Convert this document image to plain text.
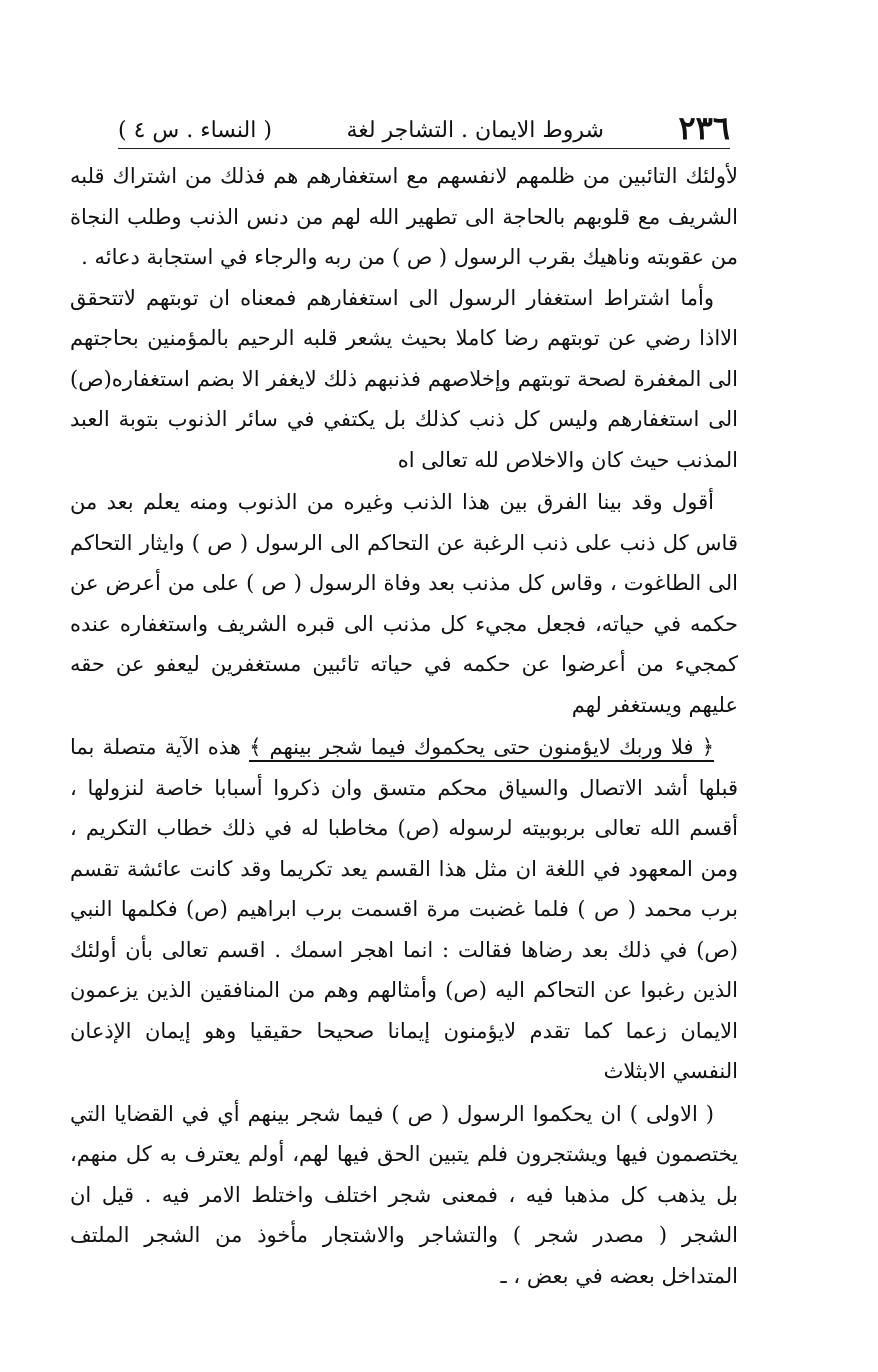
٢٣٦
شروط الايمان . التشاجر لغة
( النساء . س ٤ )

لأولئك التائبين من ظلمهم لانفسهم مع استغفارهم هم فذلك من اشتراك قلبه الشريف مع قلوبهم بالحاجة الى تطهير الله لهم من دنس الذنب وطلب النجاة من عقوبته وناهيك بقرب الرسول ( ص ) من ربه والرجاء في استجابة دعائه .

وأما اشتراط استغفار الرسول الى استغفارهم فمعناه ان توبتهم لاتتحقق الااذا رضي عن توبتهم رضا كاملا بحيث يشعر قلبه الرحيم بالمؤمنين بحاجتهم الى المغفرة لصحة توبتهم وإخلاصهم فذنبهم ذلك لايغفر الا بضم استغفاره(ص) الى استغفارهم وليس كل ذنب كذلك بل يكتفي في سائر الذنوب بتوبة العبد المذنب حيث كان والاخلاص لله تعالى اه

أقول وقد بينا الفرق بين هذا الذنب وغيره من الذنوب ومنه يعلم بعد من قاس كل ذنب على ذنب الرغبة عن التحاكم الى الرسول ( ص ) وايثار التحاكم الى الطاغوت ، وقاس كل مذنب بعد وفاة الرسول ( ص ) على من أعرض عن حكمه في حياته، فجعل مجيء كل مذنب الى قبره الشريف واستغفاره عنده كمجيء من أعرضوا عن حكمه في حياته تائبين مستغفرين ليعفو عن حقه عليهم ويستغفر لهم

﴿ فلا وربك لايؤمنون حتى يحكموك فيما شجر بينهم ﴾ هذه الآية متصلة بما قبلها أشد الاتصال والسياق محكم متسق وان ذكروا أسبابا خاصة لنزولها ، أقسم الله تعالى بربوبيته لرسوله (ص) مخاطبا له في ذلك خطاب التكريم ، ومن المعهود في اللغة ان مثل هذا القسم يعد تكريما وقد كانت عائشة تقسم برب محمد ( ص ) فلما غضبت مرة اقسمت برب ابراهيم (ص) فكلمها النبي (ص) في ذلك بعد رضاها فقالت : انما اهجر اسمك . اقسم تعالى بأن أولئك الذين رغبوا عن التحاكم اليه (ص) وأمثالهم وهم من المنافقين الذين يزعمون الايمان زعما كما تقدم لايؤمنون إيمانا صحيحا حقيقيا وهو إيمان الإذعان النفسي الابثلاث

( الاولى ) ان يحكموا الرسول ( ص ) فيما شجر بينهم أي في القضايا التي يختصمون فيها ويشتجرون فلم يتبين الحق فيها لهم، أولم يعترف به كل منهم، بل يذهب كل مذهبا فيه ، فمعنى شجر اختلف واختلط الامر فيه . قيل ان الشجر ( مصدر شجر ) والتشاجر والاشتجار مأخوذ من الشجر الملتف المتداخل بعضه في بعض ، ـ
